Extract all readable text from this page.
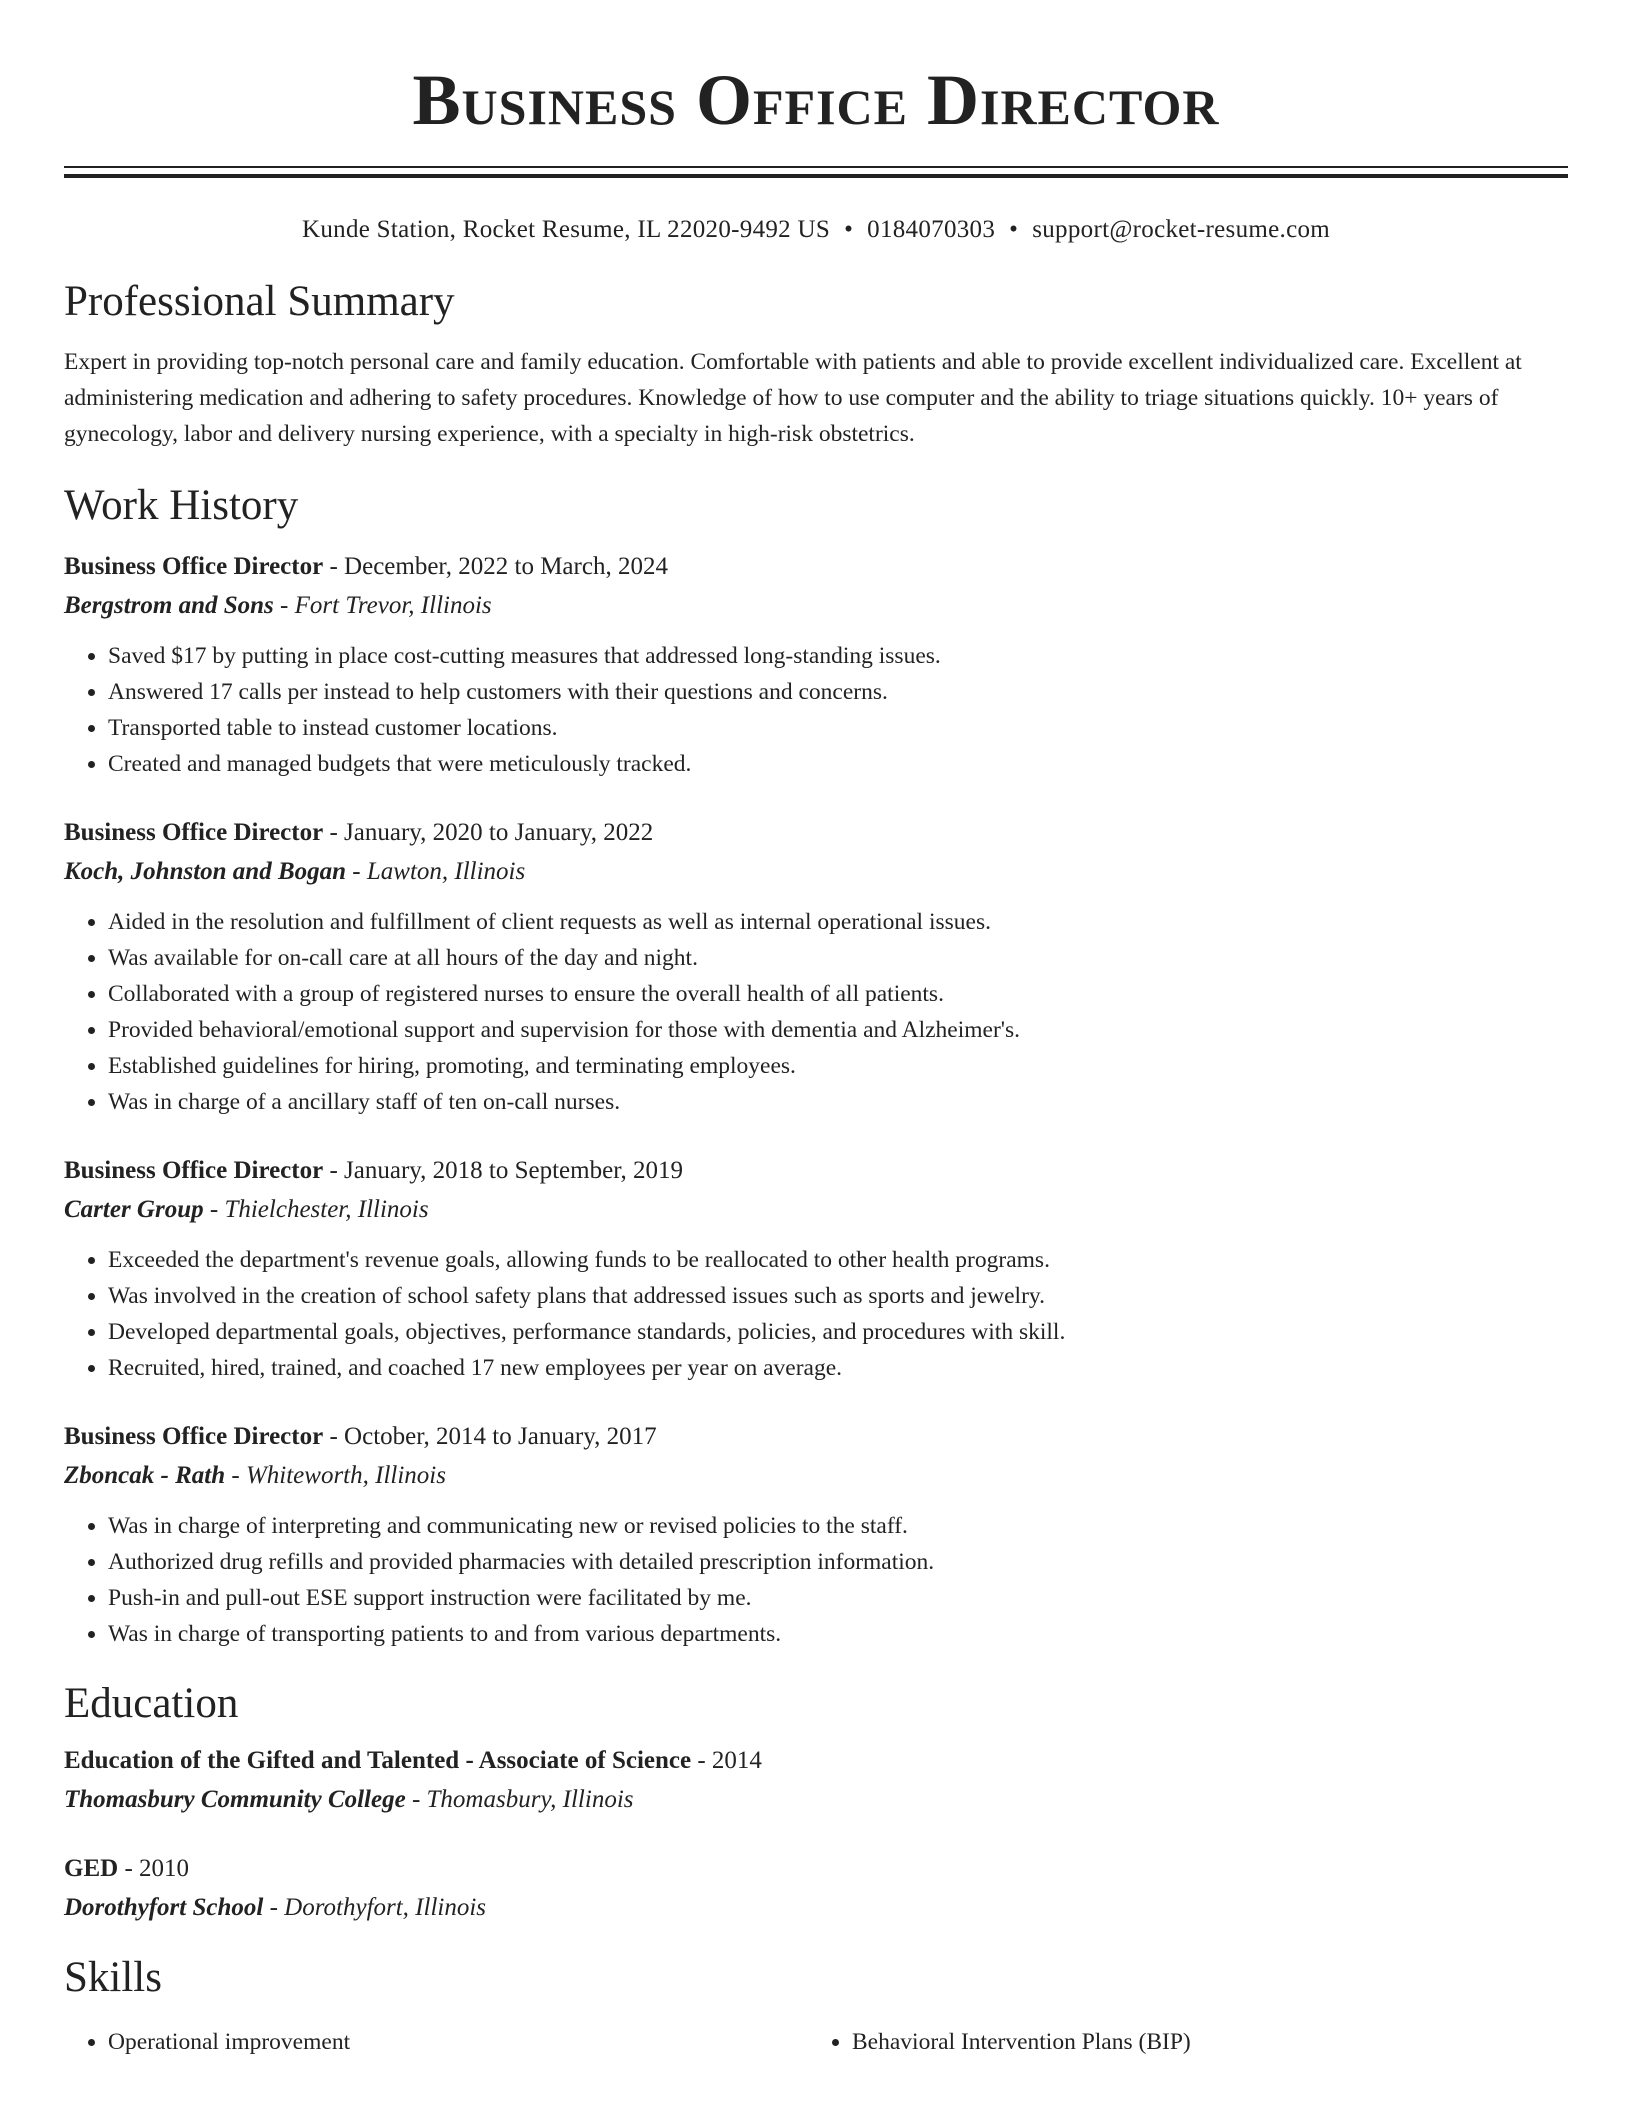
Business Office Director
Kunde Station, Rocket Resume, IL 22020-9492 US • 0184070303 • support@rocket-resume.com
Professional Summary

Expert in providing top-notch personal care and family education. Comfortable with patients and able to provide excellent individualized care. Excellent at administering medication and adhering to safety procedures. Knowledge of how to use computer and the ability to triage situations quickly. 10+ years of gynecology, labor and delivery nursing experience, with a specialty in high-risk obstetrics.

Work History
Business Office Director - December, 2022 to March, 2024
Bergstrom and Sons - Fort Trevor, Illinois
• Saved $17 by putting in place cost-cutting measures that addressed long-standing issues.
• Answered 17 calls per instead to help customers with their questions and concerns.
• Transported table to instead customer locations.
• Created and managed budgets that were meticulously tracked.
Business Office Director - January, 2020 to January, 2022
Koch, Johnston and Bogan - Lawton, Illinois
• Aided in the resolution and fulfillment of client requests as well as internal operational issues.
• Was available for on-call care at all hours of the day and night.
• Collaborated with a group of registered nurses to ensure the overall health of all patients.
• Provided behavioral/emotional support and supervision for those with dementia and Alzheimer's.
• Established guidelines for hiring, promoting, and terminating employees.
• Was in charge of a ancillary staff of ten on-call nurses.
Business Office Director - January, 2018 to September, 2019
Carter Group - Thielchester, Illinois
• Exceeded the department's revenue goals, allowing funds to be reallocated to other health programs.
• Was involved in the creation of school safety plans that addressed issues such as sports and jewelry.
• Developed departmental goals, objectives, performance standards, policies, and procedures with skill.
• Recruited, hired, trained, and coached 17 new employees per year on average.
Business Office Director - October, 2014 to January, 2017
Zboncak - Rath - Whiteworth, Illinois
• Was in charge of interpreting and communicating new or revised policies to the staff.
• Authorized drug refills and provided pharmacies with detailed prescription information.
• Push-in and pull-out ESE support instruction were facilitated by me.
• Was in charge of transporting patients to and from various departments.
Education
Education of the Gifted and Talented - Associate of Science - 2014
Thomasbury Community College - Thomasbury, Illinois
GED - 2010
Dorothyfort School - Dorothyfort, Illinois
Skills
• Operational improvement
•	Behavioral Intervention Plans (BIP)
